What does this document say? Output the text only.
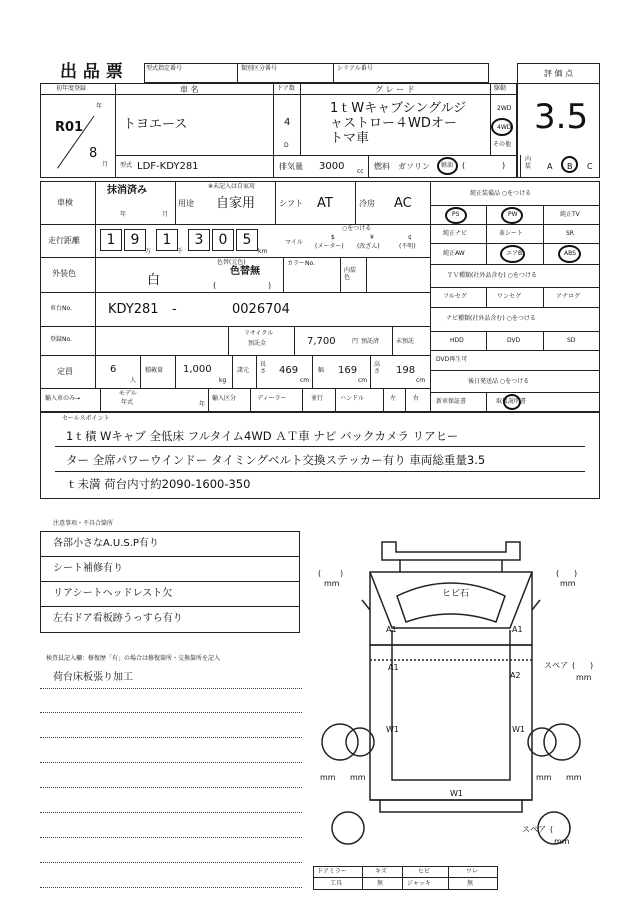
出 品 票	型式指定番号	類別区分番号	シリアル番号
評 価 点
3.5
初年度登録
年
R01
8
月
車 名
トヨエース
ドア数
4
D
グ レ ー ド
1ｔWキャブシングルジ
ャストロー４WDオー
トマ車
駆動
2WD
4WD
その他
型式 LDF-KDY281	排気量 3000 cc
燃料 ガソリン 軽油 (	)
内装 A B C
車検
抹消済み
年	月
※未記入は自家用
用途 自家用	シフト AT	冷房 AC
走行距離	1	9	1	3	0	5
万	千	km
○をつける
マイル
$
(メーター)
¥
(改ざん)
¢
(不明)
外装色	白
色替(元色)
色替無
(	)
カラーNo.
内装色
車台No.	KDY281 -	0026704
登録No.
リサイクル
預託金	7,700	円 預託済	未預託
定員	6
人
積載量 1,000
kg
諸元
長さ 469
cm
幅 169
cm
高さ 198
cm
輸入車のみ→
モデル
年式	年
輸入区分	ディーラー	並行	ハンドル	左	右
純正装備品 ○をつける
PS	PW	純正TV
純正ナビ	革シート	SR
純正AW	エアB	ABS
ＴＶ種類(社外品含む) ○をつける
フルセグ	ワンセグ	アナログ
ナビ種類(社外品含む) ○をつける
HDD	DVD	SD
DVD再生可
後日発送品 ○をつける
新車保証書	取扱説明書
セールスポイント
1ｔ積 Wキャブ 全低床 フルタイム4WD ＡＴ車 ナビ バックカメラ リアヒー
ター 全席パワーウインドー タイミングベルト交換ステッカー有り 車両総重量3.5
ｔ未満 荷台内寸約2090-1600-350
注意事項・不具合箇所
各部小さなA.U.S.P有り
シート補修有り
リアシートヘッドレスト欠
左右ドア看板跡うっすら有り
検査員記入欄：修復歴「有」の場合は修復箇所・交換箇所を記入
荷台床板張り加工
ヒビ石
A1	A1
A1
A2
W1	W1
W1
( )
mm
( )
mm
スペア ( )
mm
mm mm	mm mm
スペア ( )
mm
ドアミラー	キズ	ヒビ	ワレ
工具	無	ジャッキ	無
